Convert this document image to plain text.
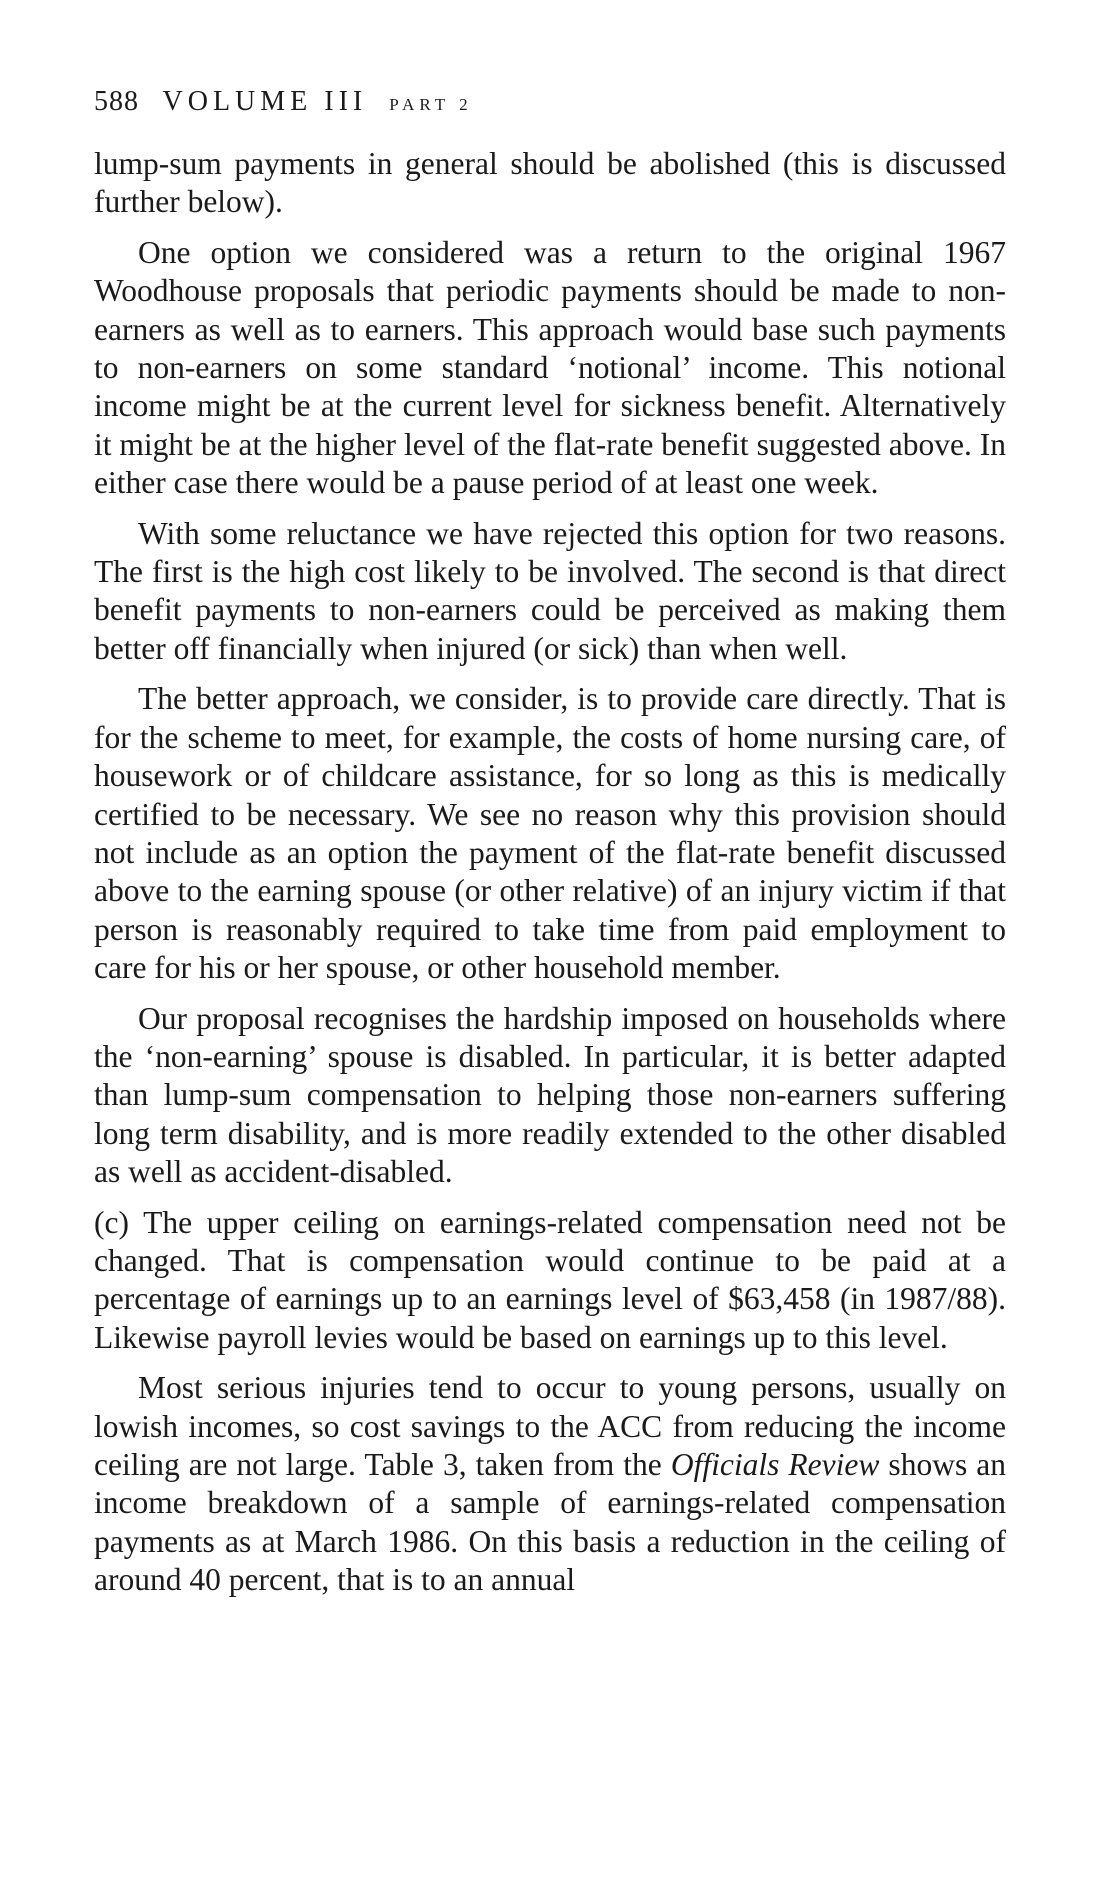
588 VOLUME III PART 2

lump-sum payments in general should be abolished (this is discussed further below).

One option we considered was a return to the original 1967 Woodhouse proposals that periodic payments should be made to non-earners as well as to earners. This approach would base such payments to non-earners on some standard ‘notional’ income. This notional income might be at the current level for sickness benefit. Alternatively it might be at the higher level of the flat-rate benefit suggested above. In either case there would be a pause period of at least one week.

With some reluctance we have rejected this option for two reasons. The first is the high cost likely to be involved. The second is that direct benefit payments to non-earners could be perceived as making them better off financially when injured (or sick) than when well.

The better approach, we consider, is to provide care directly. That is for the scheme to meet, for example, the costs of home nursing care, of housework or of childcare assistance, for so long as this is medically certified to be necessary. We see no reason why this provision should not include as an option the payment of the flat-rate benefit discussed above to the earning spouse (or other relative) of an injury victim if that person is reasonably required to take time from paid employment to care for his or her spouse, or other household member.

Our proposal recognises the hardship imposed on households where the ‘non-earning’ spouse is disabled. In particular, it is better adapted than lump-sum compensation to helping those non-earners suffering long term disability, and is more readily extended to the other disabled as well as accident-disabled.

(c) The upper ceiling on earnings-related compensation need not be changed. That is compensation would continue to be paid at a percentage of earnings up to an earnings level of $63,458 (in 1987/88). Likewise payroll levies would be based on earnings up to this level.

Most serious injuries tend to occur to young persons, usually on lowish incomes, so cost savings to the ACC from reducing the income ceiling are not large. Table 3, taken from the Officials Review shows an income breakdown of a sample of earnings-related compensation payments as at March 1986. On this basis a reduction in the ceiling of around 40 percent, that is to an annual
